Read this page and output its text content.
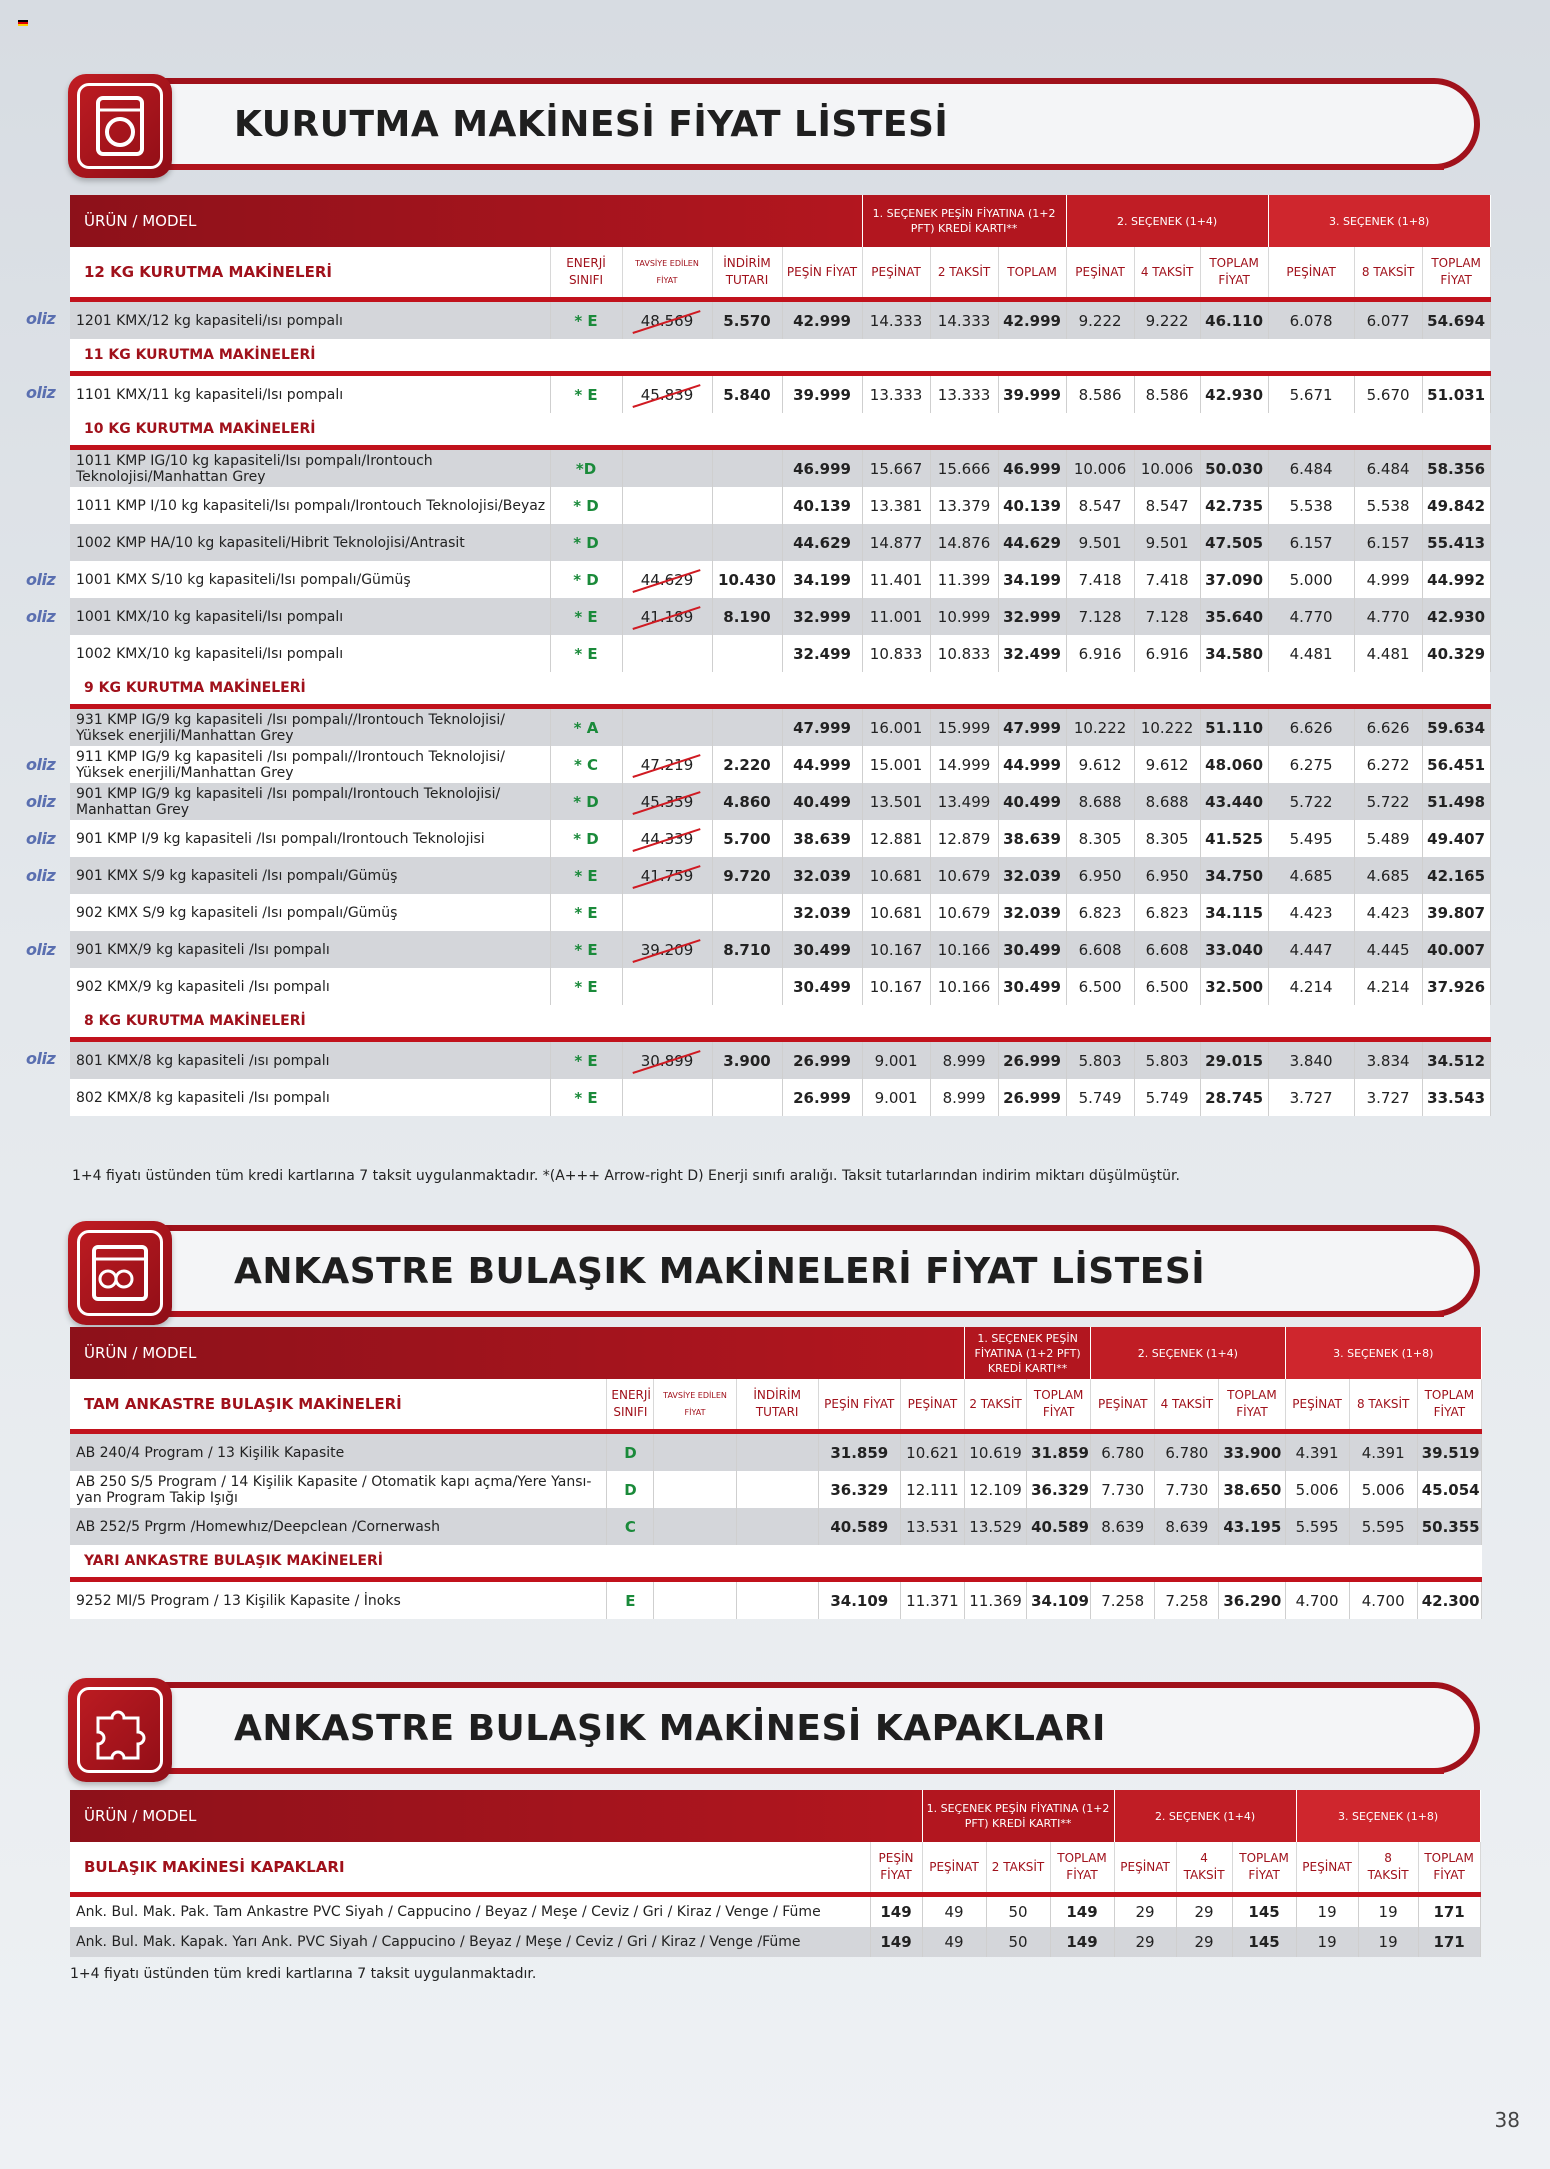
KURUTMA MAKİNESİ FİYAT LİSTESİ
ÜRÜN / MODEL					1. SEÇENEK PEŞİN FİYATINA (1+2 PFT) KREDİ KARTI**			2. SEÇENEK (1+4)			3. SEÇENEK (1+8)		
12 KG KURUTMA MAKİNELERİ	ENERJİ SINIFI	TAVSİYE EDİLEN FİYAT	İNDİRİM TUTARI	PEŞİN FİYAT	PEŞİNAT	2 TAKSİT	TOPLAM	PEŞİNAT	4 TAKSİT	TOPLAM FİYAT	PEŞİNAT	8 TAKSİT	TOPLAM FİYAT

1201 KMX/12 kg kapasiteli/ısı pompalı	* E	48.569	5.570	42.999	14.333	14.333	42.999	9.222	9.222	46.110	6.078	6.077	54.694
11 KG KURUTMA MAKİNELERİ													
1101 KMX/11 kg kapasiteli/Isı pompalı	* E	45.839	5.840	39.999	13.333	13.333	39.999	8.586	8.586	42.930	5.671	5.670	51.031
10 KG KURUTMA MAKİNELERİ													
1011 KMP IG/10 kg kapasiteli/Isı pompalı/Irontouch Teknolojisi/Manhattan Grey	*D			46.999	15.667	15.666	46.999	10.006	10.006	50.030	6.484	6.484	58.356
1011 KMP I/10 kg kapasiteli/Isı pompalı/Irontouch Teknolojisi/Beyaz	* D			40.139	13.381	13.379	40.139	8.547	8.547	42.735	5.538	5.538	49.842
1002 KMP HA/10 kg kapasiteli/Hibrit Teknolojisi/Antrasit	* D			44.629	14.877	14.876	44.629	9.501	9.501	47.505	6.157	6.157	55.413
1001 KMX S/10 kg kapasiteli/Isı pompalı/Gümüş	* D	44.629	10.430	34.199	11.401	11.399	34.199	7.418	7.418	37.090	5.000	4.999	44.992
1001 KMX/10 kg kapasiteli/Isı pompalı	* E	41.189	8.190	32.999	11.001	10.999	32.999	7.128	7.128	35.640	4.770	4.770	42.930
1002 KMX/10 kg kapasiteli/Isı pompalı	* E			32.499	10.833	10.833	32.499	6.916	6.916	34.580	4.481	4.481	40.329
9 KG KURUTMA MAKİNELERİ													
931 KMP IG/9 kg kapasiteli /Isı pompalı//Irontouch Teknolojisi/ Yüksek enerjili/Manhattan Grey	* A			47.999	16.001	15.999	47.999	10.222	10.222	51.110	6.626	6.626	59.634
911 KMP IG/9 kg kapasiteli /Isı pompalı//Irontouch Teknolojisi/ Yüksek enerjili/Manhattan Grey	* C	47.219	2.220	44.999	15.001	14.999	44.999	9.612	9.612	48.060	6.275	6.272	56.451
901 KMP IG/9 kg kapasiteli /Isı pompalı/Irontouch Teknolojisi/ Manhattan Grey	* D	45.359	4.860	40.499	13.501	13.499	40.499	8.688	8.688	43.440	5.722	5.722	51.498
901 KMP I/9 kg kapasiteli /Isı pompalı/Irontouch Teknolojisi	* D	44.339	5.700	38.639	12.881	12.879	38.639	8.305	8.305	41.525	5.495	5.489	49.407
901 KMX S/9 kg kapasiteli /Isı pompalı/Gümüş	* E	41.759	9.720	32.039	10.681	10.679	32.039	6.950	6.950	34.750	4.685	4.685	42.165
902 KMX S/9 kg kapasiteli /Isı pompalı/Gümüş	* E			32.039	10.681	10.679	32.039	6.823	6.823	34.115	4.423	4.423	39.807
901 KMX/9 kg kapasiteli /Isı pompalı	* E	39.209	8.710	30.499	10.167	10.166	30.499	6.608	6.608	33.040	4.447	4.445	40.007
902 KMX/9 kg kapasiteli /Isı pompalı	* E			30.499	10.167	10.166	30.499	6.500	6.500	32.500	4.214	4.214	37.926
8 KG KURUTMA MAKİNELERİ													
801 KMX/8 kg kapasiteli /ısı pompalı	* E	30.899	3.900	26.999	9.001	8.999	26.999	5.803	5.803	29.015	3.840	3.834	34.512
802 KMX/8 kg kapasiteli /Isı pompalı	* E			26.999	9.001	8.999	26.999	5.749	5.749	28.745	3.727	3.727	33.543
1+4 fiyatı üstünden tüm kredi kartlarına 7 taksit uygulanmaktadır. *(A+++ Arrow-right D) Enerji sınıfı aralığı. Taksit tutarlarından indirim miktarı düşülmüştür.
ANKASTRE BULAŞIK MAKİNELERİ FİYAT LİSTESİ
ÜRÜN / MODEL						1. SEÇENEK PEŞİN FİYATINA (1+2 PFT) KREDİ KARTI**		2. SEÇENEK (1+4)			3. SEÇENEK (1+8)		
TAM ANKASTRE BULAŞIK MAKİNELERİ	ENERJİ SINIFI	TAVSİYE EDİLEN FİYAT	İNDİRİM TUTARI	PEŞİN FİYAT	PEŞİNAT	2 TAKSİT	TOPLAM FİYAT	PEŞİNAT	4 TAKSİT	TOPLAM FİYAT	PEŞİNAT	8 TAKSİT	TOPLAM FİYAT

AB 240/4 Program / 13 Kişilik Kapasite	D			31.859	10.621	10.619	31.859	6.780	6.780	33.900	4.391	4.391	39.519
AB 250 S/5 Program / 14 Kişilik Kapasite / Otomatik kapı açma/Yere Yansı-yan Program Takip Işığı	D			36.329	12.111	12.109	36.329	7.730	7.730	38.650	5.006	5.006	45.054
AB 252/5 Prgrm /Homewhız/Deepclean /Cornerwash	C			40.589	13.531	13.529	40.589	8.639	8.639	43.195	5.595	5.595	50.355
YARI ANKASTRE BULAŞIK MAKİNELERİ													
9252 MI/5 Program / 13 Kişilik Kapasite / İnoks	E			34.109	11.371	11.369	34.109	7.258	7.258	36.290	4.700	4.700	42.300
ANKASTRE BULAŞIK MAKİNESİ KAPAKLARI
ÜRÜN / MODEL		1. SEÇENEK PEŞİN FİYATINA (1+2 PFT) KREDİ KARTI**			2. SEÇENEK (1+4)			3. SEÇENEK (1+8)		
BULAŞIK MAKİNESİ KAPAKLARI	PEŞİN FİYAT	PEŞİNAT	2 TAKSİT	TOPLAM FİYAT	PEŞİNAT	4 TAKSİT	TOPLAM FİYAT	PEŞİNAT	8 TAKSİT	TOPLAM FİYAT

Ank. Bul. Mak. Pak. Tam Ankastre PVC Siyah / Cappucino / Beyaz / Meşe / Ceviz / Gri / Kiraz / Venge / Füme	149	49	50	149	29	29	145	19	19	171
Ank. Bul. Mak. Kapak. Yarı Ank. PVC Siyah / Cappucino / Beyaz / Meşe / Ceviz / Gri / Kiraz / Venge /Füme	149	49	50	149	29	29	145	19	19	171
1+4 fiyatı üstünden tüm kredi kartlarına 7 taksit uygulanmaktadır.
38
oliz
oliz
oliz
oliz
oliz
oliz
oliz
oliz
oliz
oliz
